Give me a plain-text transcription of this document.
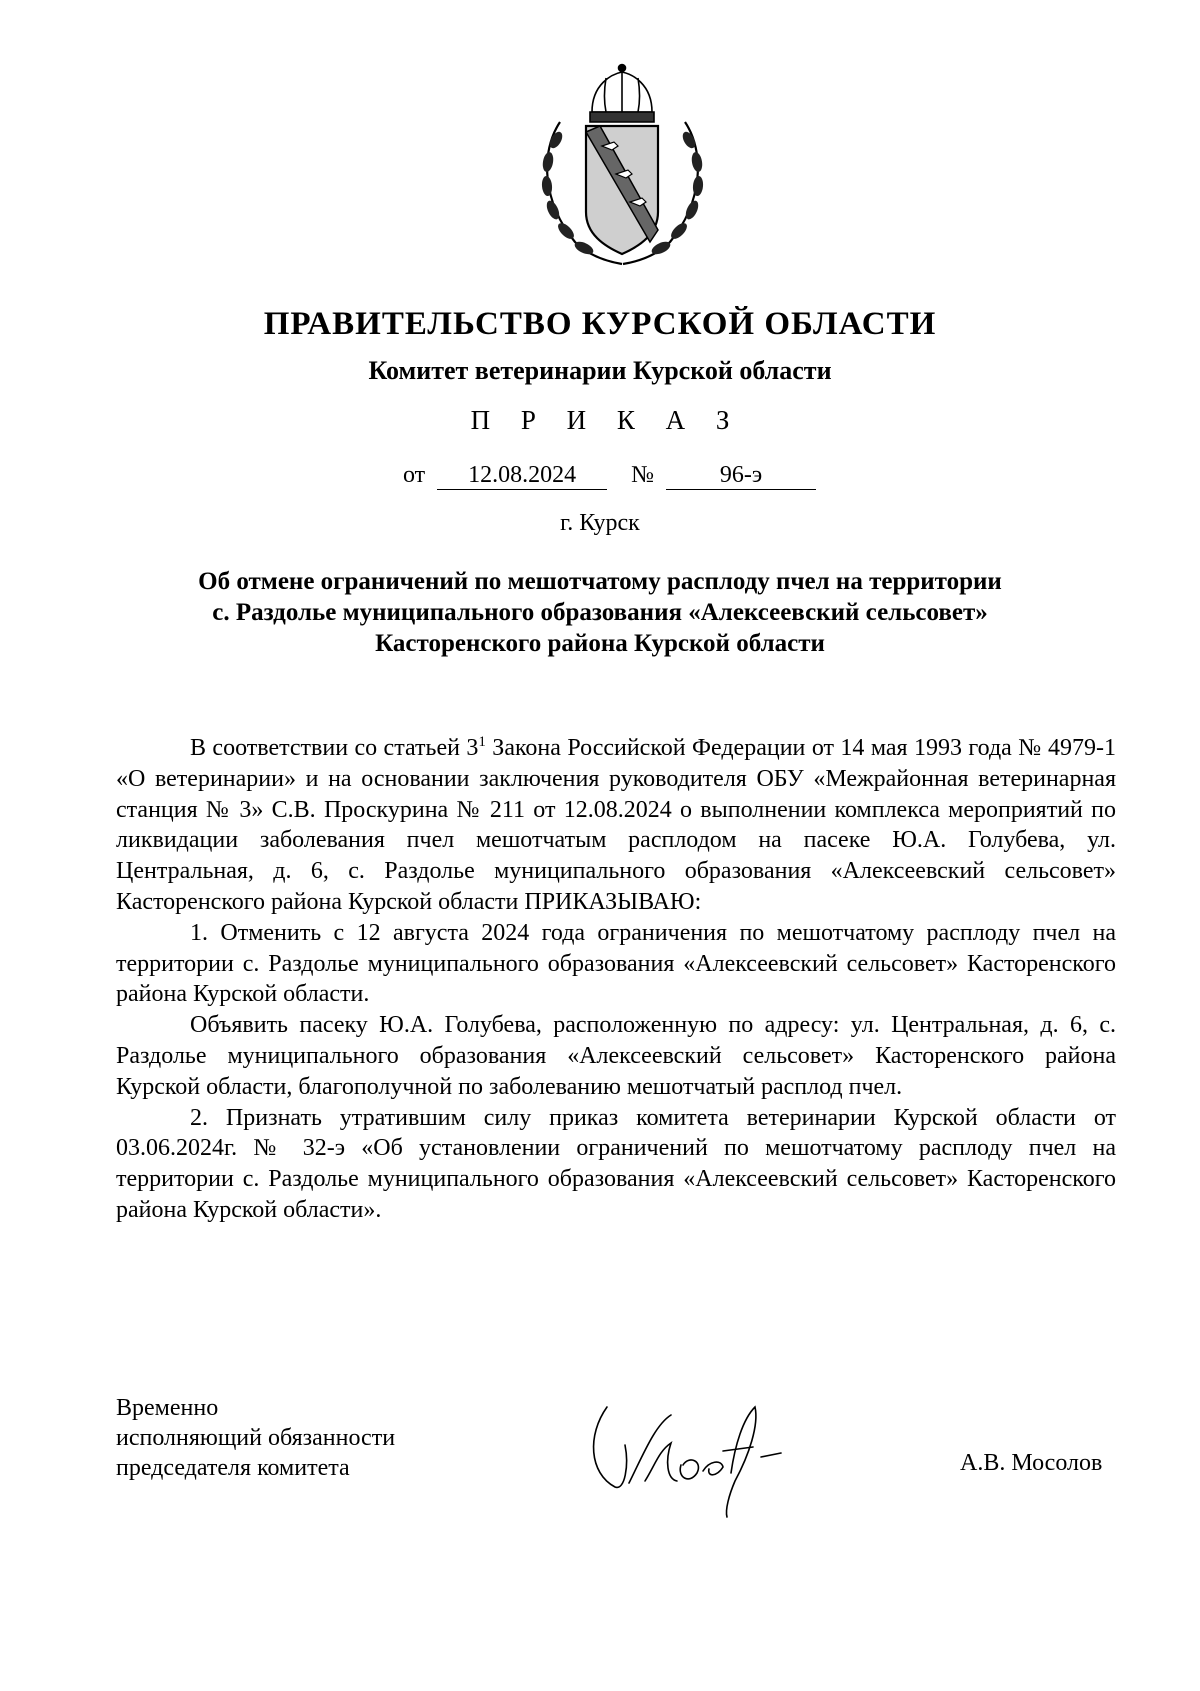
ПРАВИТЕЛЬСТВО КУРСКОЙ ОБЛАСТИ
Комитет ветеринарии Курской области
П Р И К А З
от 12.08.2024 №	96-э
г. Курск
Об отмене ограничений по мешотчатому расплоду пчел на территории
с. Раздолье муниципального образования «Алексеевский сельсовет»
Касторенского района Курской области

В соответствии со статьей $3^1$ Закона Российской Федерации от 14 мая 1993 года № 4979-1 «О ветеринарии» и на основании заключения руководителя ОБУ «Межрайонная ветеринарная станция № 3» С.В. Проскурина № 211 от 12.08.2024 о выполнении комплекса мероприятий по ликвидации заболевания пчел мешотчатым расплодом на пасеке Ю.А. Голубева, ул. Центральная, д. 6, с. Раздолье муниципального образования «Алексеевский сельсовет» Касторенского района Курской области ПРИКАЗЫВАЮ:

1. Отменить с 12 августа 2024 года ограничения по мешотчатому расплоду пчел на территории с. Раздолье муниципального образования «Алексеевский сельсовет» Касторенского района Курской области.

Объявить пасеку Ю.А. Голубева, расположенную по адресу: ул. Центральная, д. 6, с. Раздолье муниципального образования «Алексеевский сельсовет» Касторенского района Курской области, благополучной по заболеванию мешотчатый расплод пчел.

2. Признать утратившим силу приказ комитета ветеринарии Курской области от 03.06.2024г. № 32-э «Об установлении ограничений по мешотчатому расплоду пчел на территории с. Раздолье муниципального образования «Алексеевский сельсовет» Касторенского района Курской области».

Временно
исполняющий обязанности
председателя комитета	А.В. Мосолов
